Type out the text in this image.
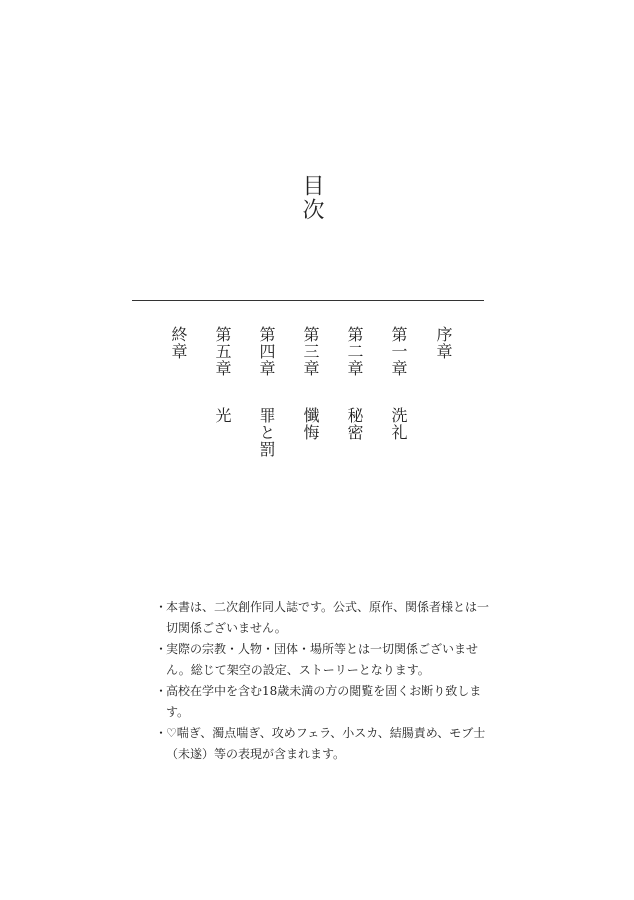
目次
序章
第一章洗礼
第二章秘密
第三章懺悔
第四章罪と罰
第五章光
終章
・
本書は、二次創作同人誌です。公式、原作、関係者様とは一切関係ございません。
・
実際の宗教・人物・団体・場所等とは一切関係ございません。総じて架空の設定、ストーリーとなります。
・
高校在学中を含む18歳未満の方の閲覧を固くお断り致します。
・
♡喘ぎ、濁点喘ぎ、攻めフェラ、小スカ、結腸責め、モブ士（未遂）等の表現が含まれます。
